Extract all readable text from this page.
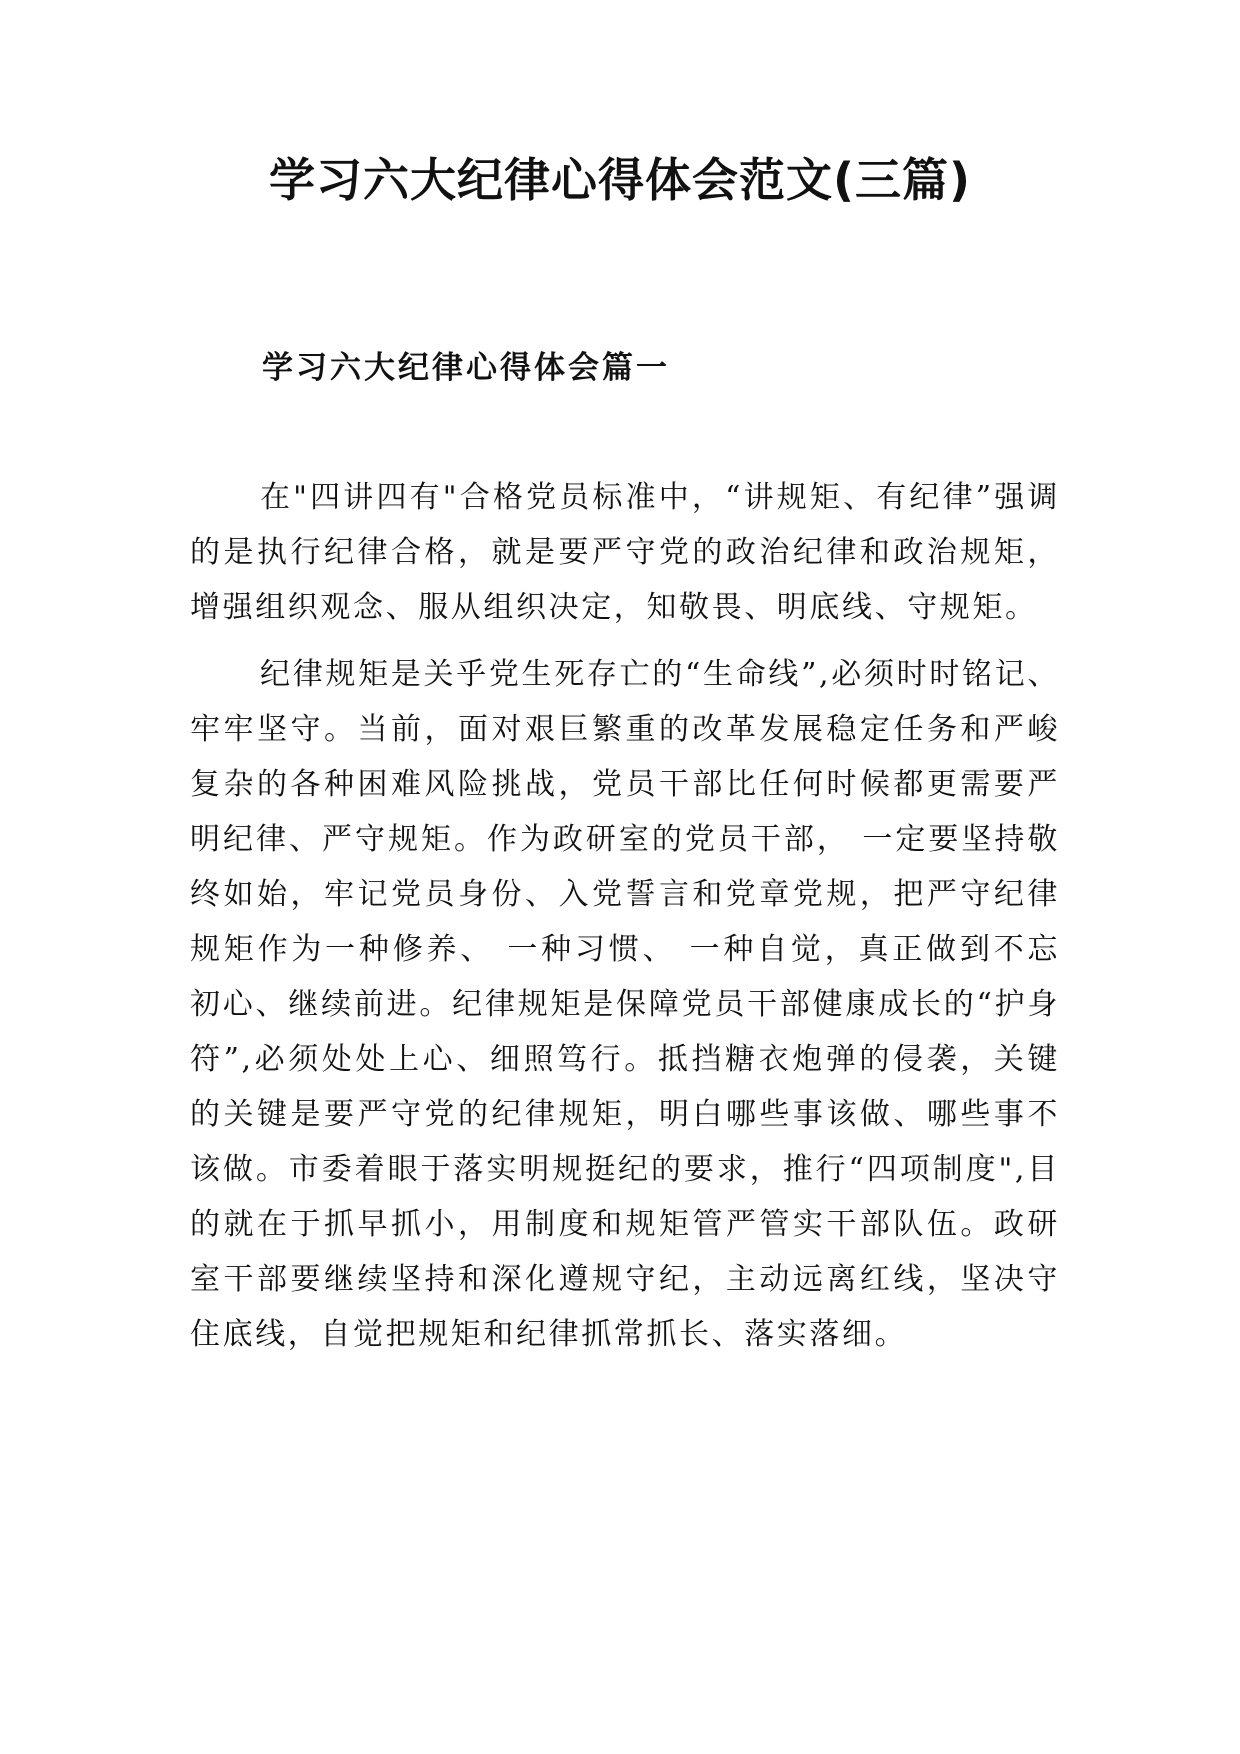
学习六大纪律心得体会范文(三篇)
学习六大纪律心得体会篇一

在"四讲四有"合格党员标准中，“讲规矩、有纪律”强调的是执行纪律合格，就是要严守党的政治纪律和政治规矩，增强组织观念、服从组织决定，知敬畏、明底线、守规矩。

纪律规矩是关乎党生死存亡的“生命线”,必须时时铭记、牢牢坚守。当前，面对艰巨繁重的改革发展稳定任务和严峻复杂的各种困难风险挑战，党员干部比任何时候都更需要严明纪律、严守规矩。作为政研室的党员干部， 一定要坚持敬终如始，牢记党员身份、入党誓言和党章党规，把严守纪律规矩作为一种修养、 一种习惯、 一种自觉，真正做到不忘初心、继续前进。纪律规矩是保障党员干部健康成长的“护身符”,必须处处上心、细照笃行。抵挡糖衣炮弹的侵袭，关键的关键是要严守党的纪律规矩，明白哪些事该做、哪些事不该做。市委着眼于落实明规挺纪的要求，推行“四项制度",目的就在于抓早抓小，用制度和规矩管严管实干部队伍。政研室干部要继续坚持和深化遵规守纪，主动远离红线，坚决守住底线，自觉把规矩和纪律抓常抓长、落实落细。
